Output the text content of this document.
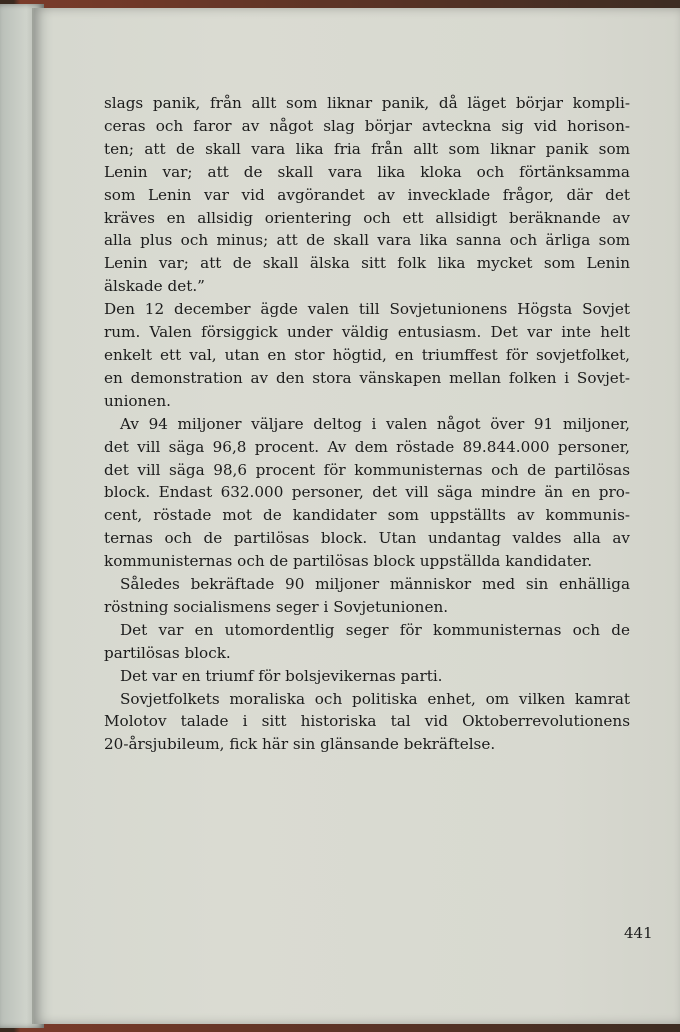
slags panik, från allt som liknar panik, då läget börjar kompli-
ceras och faror av något slag börjar avteckna sig vid horison-
ten; att de skall vara lika fria från allt som liknar panik som
Lenin var; att de skall vara lika kloka och förtänksamma
som Lenin var vid avgörandet av invecklade frågor, där det
kräves en allsidig orientering och ett allsidigt beräknande av
alla plus och minus; att de skall vara lika sanna och ärliga som
Lenin var; att de skall älska sitt folk lika mycket som Lenin
älskade det.”

Den 12 december ägde valen till Sovjetunionens Högsta Sovjet
rum. Valen försiggick under väldig entusiasm. Det var inte helt
enkelt ett val, utan en stor högtid, en triumffest för sovjetfolket,
en demonstration av den stora vänskapen mellan folken i Sovjet-
unionen.

Av 94 miljoner väljare deltog i valen något över 91 miljoner,
det vill säga 96,8 procent. Av dem röstade 89.844.000 personer,
det vill säga 98,6 procent för kommunisternas och de partilösas
block. Endast 632.000 personer, det vill säga mindre än en pro-
cent, röstade mot de kandidater som uppställts av kommunis-
ternas och de partilösas block. Utan undantag valdes alla av
kommunisternas och de partilösas block uppställda kandidater.

Således bekräftade 90 miljoner människor med sin enhälliga
röstning socialismens seger i Sovjetunionen.

Det var en utomordentlig seger för kommunisternas och de
partilösas block.

Det var en triumf för bolsjevikernas parti.

Sovjetfolkets moraliska och politiska enhet, om vilken kamrat
Molotov talade i sitt historiska tal vid Oktoberrevolutionens
20-årsjubileum, fick här sin glänsande bekräftelse.

441
